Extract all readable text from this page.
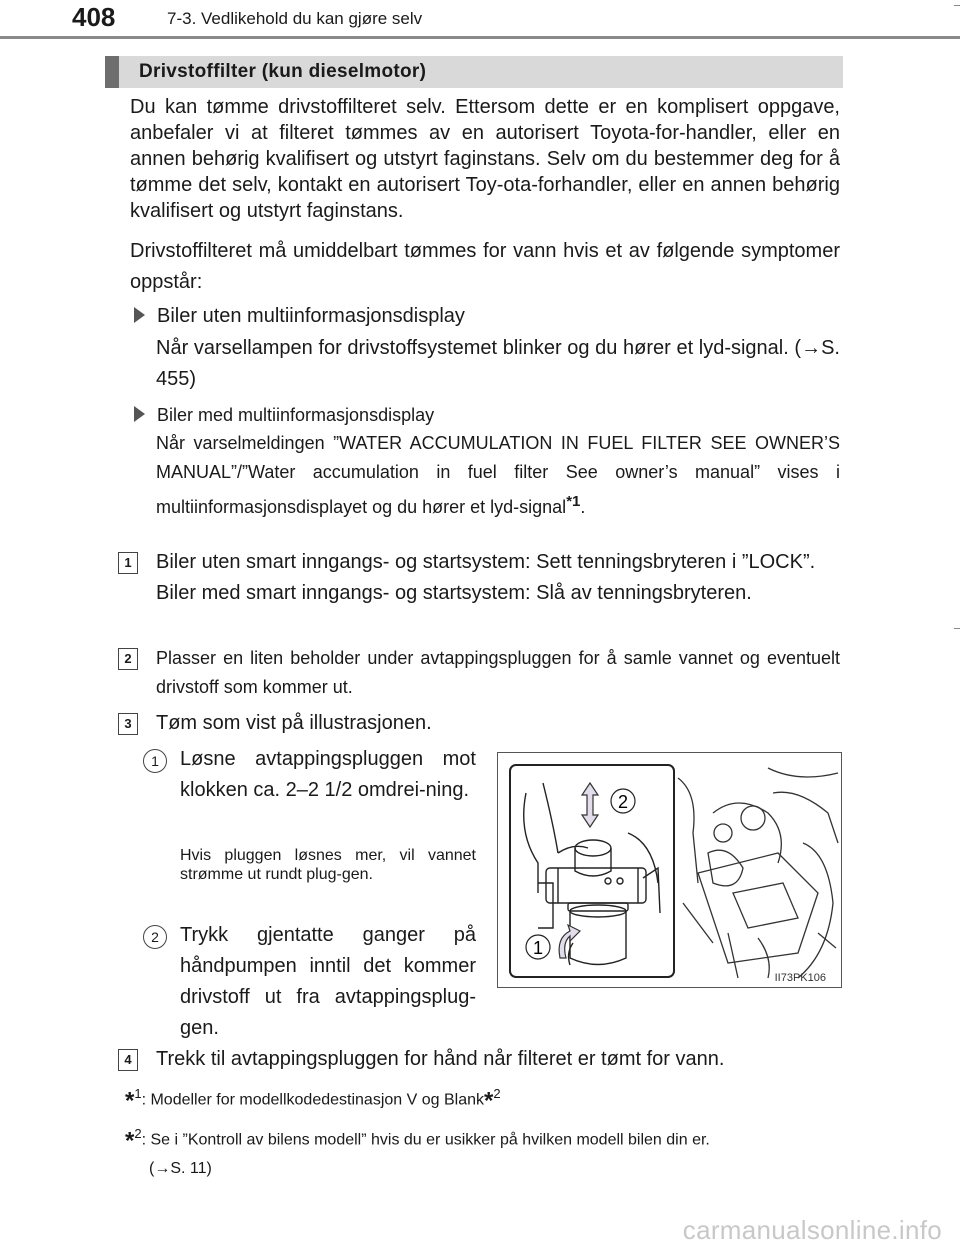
408	7-3. Vedlikehold du kan gjøre selv
Drivstoffilter (kun dieselmotor)

Du kan tømme drivstoffilteret selv. Ettersom dette er en komplisert oppgave, anbefaler vi at filteret tømmes av en autorisert Toyota-for-handler, eller en annen behørig kvalifisert og utstyrt faginstans. Selv om du bestemmer deg for å tømme det selv, kontakt en autorisert Toy-ota-forhandler, eller en annen behørig kvalifisert og utstyrt faginstans.

Drivstoffilteret må umiddelbart tømmes for vann hvis et av følgende symptomer oppstår:

Biler uten multiinformasjonsdisplay

Når varsellampen for drivstoffsystemet blinker og du hører et lyd-signal. (→S. 455)

Biler med multiinformasjonsdisplay

Når varselmeldingen ”WATER ACCUMULATION IN FUEL FILTER SEE OWNER’S MANUAL”/”Water accumulation in fuel filter See owner’s manual” vises i multiinformasjonsdisplayet og du hører et lyd-signal$^{*1}$.

1	Biler uten smart inngangs- og startsystem: Sett tenningsbryteren i ”LOCK”.
Biler med smart inngangs- og startsystem: Slå av tenningsbryteren.

2	Plasser en liten beholder under avtappingspluggen for å samle vannet og eventuelt drivstoff som kommer ut.

3	Tøm som vist på illustrasjonen.

1	Løsne avtappingspluggen mot klokken ca. 2–2 1/2 omdrei-ning.

Hvis pluggen løsnes mer, vil vannet strømme ut rundt plug-gen.

2	Trykk gjentatte ganger på håndpumpen inntil det kommer drivstoff ut fra avtappingsplug-gen.

2
1
II73PK106
4	Trekk til avtappingspluggen for hånd når filteret er tømt for vann.

*$^1$: Modeller for modellkodedestinasjon V og Blank*$^2$

*$^2$: Se i ”Kontroll av bilens modell” hvis du er usikker på hvilken modell bilen din er.
(→S. 11)

carmanualsonline.info
